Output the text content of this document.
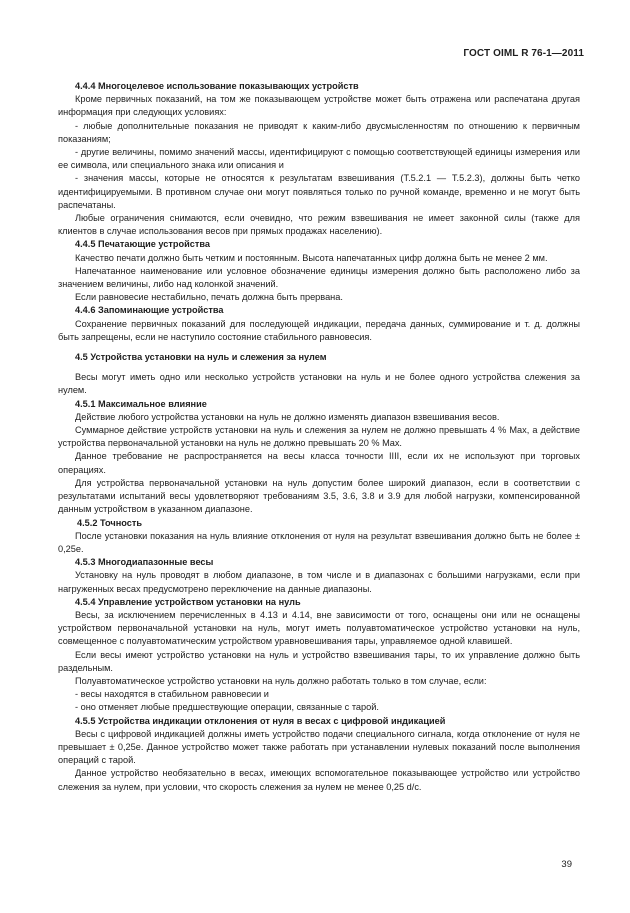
ГОСТ OIML R 76-1—2011

4.4.4 Многоцелевое использование показывающих устройств

Кроме первичных показаний, на том же показывающем устройстве может быть отражена или распечатана другая информация при следующих условиях:

- любые дополнительные показания не приводят к каким-либо двусмысленностям по отношению к первичным показаниям;

- другие величины, помимо значений массы, идентифицируют с помощью соответствующей единицы измерения или ее символа, или специального знака или описания и

- значения массы, которые не относятся к результатам взвешивания (Т.5.2.1 — Т.5.2.3), должны быть четко идентифицируемыми. В противном случае они могут появляться только по ручной команде, временно и не могут быть распечатаны.

Любые ограничения снимаются, если очевидно, что режим взвешивания не имеет законной силы (также для клиентов в случае использования весов при прямых продажах населению).

4.4.5 Печатающие устройства

Качество печати должно быть четким и постоянным. Высота напечатанных цифр должна быть не менее 2 мм.

Напечатанное наименование или условное обозначение единицы измерения должно быть расположено либо за значением величины, либо над колонкой значений.

Если равновесие нестабильно, печать должна быть прервана.

4.4.6 Запоминающие устройства

Сохранение первичных показаний для последующей индикации, передача данных, суммирование и т. д. должны быть запрещены, если не наступило состояние стабильного равновесия.

4.5 Устройства установки на нуль и слежения за нулем

Весы могут иметь одно или несколько устройств установки на нуль и не более одного устройства слежения за нулем.

4.5.1 Максимальное влияние

Действие любого устройства установки на нуль не должно изменять диапазон взвешивания весов.

Суммарное действие устройств установки на нуль и слежения за нулем не должно превышать 4 % Max, а действие устройства первоначальной установки на нуль не должно превышать 20 % Max.

Данное требование не распространяется на весы класса точности IIII, если их не используют при торговых операциях.

Для устройства первоначальной установки на нуль допустим более широкий диапазон, если в соответствии с результатами испытаний весы удовлетворяют требованиям 3.5, 3.6, 3.8 и 3.9 для любой нагрузки, компенсированной данным устройством в указанном диапазоне.

4.5.2 Точность

После установки показания на нуль влияние отклонения от нуля на результат взвешивания должно быть не более ± 0,25e.

4.5.3 Многодиапазонные весы

Установку на нуль проводят в любом диапазоне, в том числе и в диапазонах с большими нагрузками, если при нагруженных весах предусмотрено переключение на данные диапазоны.

4.5.4 Управление устройством установки на нуль

Весы, за исключением перечисленных в 4.13 и 4.14, вне зависимости от того, оснащены они или не оснащены устройством первоначальной установки на нуль, могут иметь полуавтоматическое устройство установки на нуль, совмещенное с полуавтоматическим устройством уравновешивания тары, управляемое одной клавишей.

Если весы имеют устройство установки на нуль и устройство взвешивания тары, то их управление должно быть раздельным.

Полуавтоматическое устройство установки на нуль должно работать только в том случае, если:

- весы находятся в стабильном равновесии и

- оно отменяет любые предшествующие операции, связанные с тарой.

4.5.5 Устройства индикации отклонения от нуля в весах с цифровой индикацией

Весы с цифровой индикацией должны иметь устройство подачи специального сигнала, когда отклонение от нуля не превышает ± 0,25e. Данное устройство может также работать при устанавлении нулевых показаний после выполнения операций с тарой.

Данное устройство необязательно в весах, имеющих вспомогательное показывающее устройство или устройство слежения за нулем, при условии, что скорость слежения за нулем не менее 0,25 d/c.

39
